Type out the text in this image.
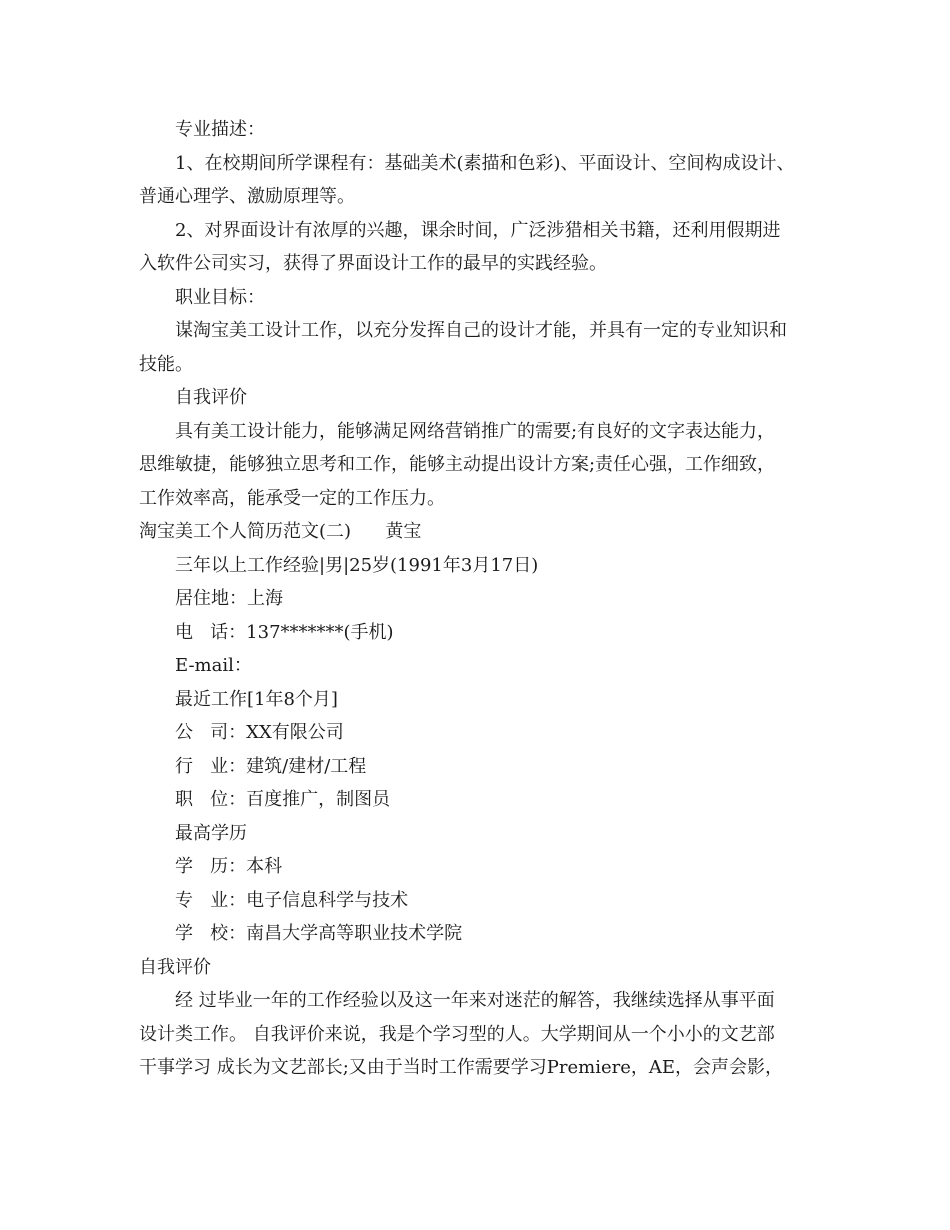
专业描述：
1、在校期间所学课程有：基础美术(素描和色彩)、平面设计、空间构成设计、
普通心理学、激励原理等。
2、对界面设计有浓厚的兴趣，课余时间，广泛涉猎相关书籍，还利用假期进
入软件公司实习，获得了界面设计工作的最早的实践经验。
职业目标：
谋淘宝美工设计工作，以充分发挥自己的设计才能，并具有一定的专业知识和
技能。
自我评价
具有美工设计能力，能够满足网络营销推广的需要;有良好的文字表达能力，
思维敏捷，能够独立思考和工作，能够主动提出设计方案;责任心强，工作细致，
工作效率高，能承受一定的工作压力。
淘宝美工个人简历范文(二)      黄宝
三年以上工作经验|男|25岁(1991年3月17日)
居住地：上海
电   话：137*******(手机)
E-mail：
最近工作[1年8个月]
公   司：XX有限公司
行   业：建筑/建材/工程
职   位：百度推广，制图员
最高学历
学   历：本科
专   业：电子信息科学与技术
学   校：南昌大学高等职业技术学院
自我评价
经 过毕业一年的工作经验以及这一年来对迷茫的解答，我继续选择从事平面
设计类工作。 自我评价来说，我是个学习型的人。大学期间从一个小小的文艺部
干事学习 成长为文艺部长;又由于当时工作需要学习Premiere，AE，会声会影，
